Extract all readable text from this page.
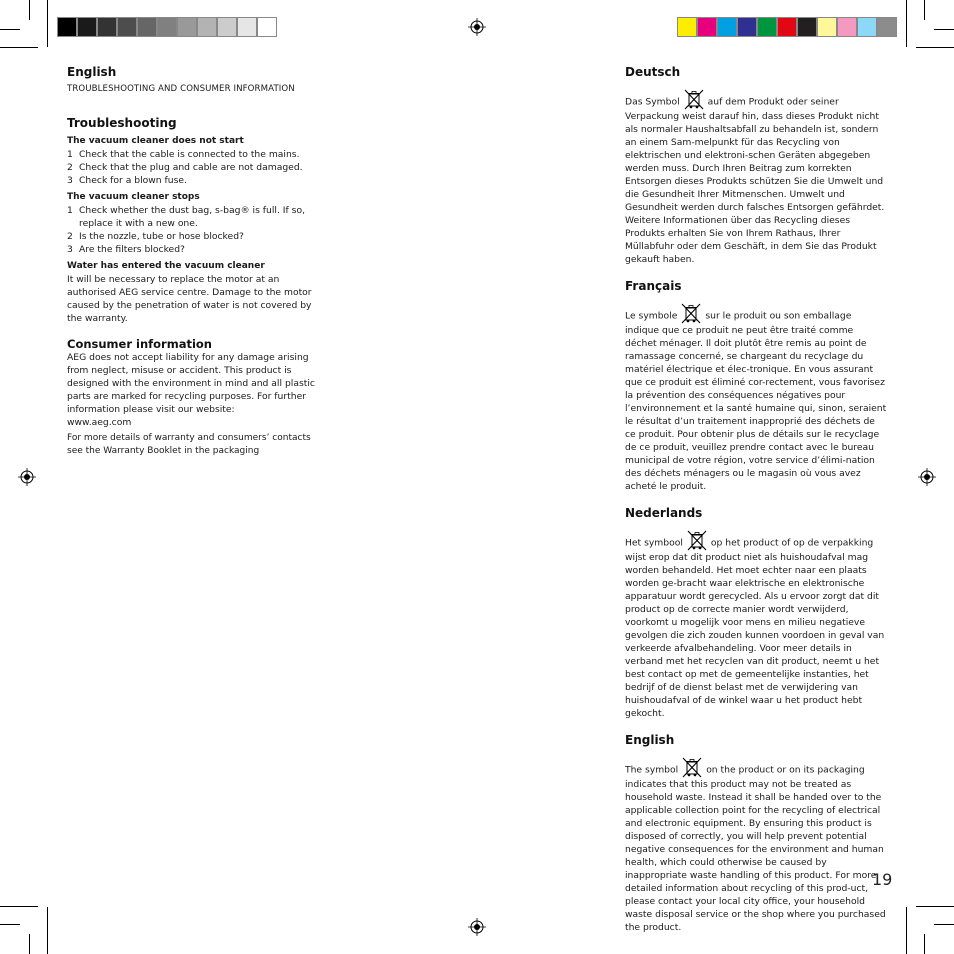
English

TROUBLESHOOTING AND CONSUMER INFORMATION

Troubleshooting

The vacuum cleaner does not start

1 Check that the cable is connected to the mains.
2 Check that the plug and cable are not damaged.
3 Check for a blown fuse.

The vacuum cleaner stops

1 Check whether the dust bag, s-bag® is full. If so, replace it with a new one.
2 Is the nozzle, tube or hose blocked?
3 Are the filters blocked?

Water has entered the vacuum cleaner

It will be necessary to replace the motor at an authorised AEG service centre. Damage to the motor caused by the penetration of water is not covered by the warranty.

Consumer information

AEG does not accept liability for any damage arising from neglect, misuse or accident. This product is designed with the environment in mind and all plastic parts are marked for recycling purposes. For further information please visit our website:

www.aeg.com

For more details of warranty and consumers’ contacts see the Warranty Booklet in the packaging

Deutsch

Das Symbol	auf dem Produkt oder seiner Verpackung weist darauf hin, dass dieses Produkt nicht als normaler Haushaltsabfall zu behandeln ist, sondern an einem Sam-melpunkt für das Recycling von elektrischen und elektroni-schen Geräten abgegeben werden muss. Durch Ihren Beitrag zum korrekten Entsorgen dieses Produkts schützen Sie die Umwelt und die Gesundheit Ihrer Mitmenschen. Umwelt und Gesundheit werden durch falsches Entsorgen gefährdet. Weitere Informationen über das Recycling dieses Produkts erhalten Sie von Ihrem Rathaus, Ihrer Müllabfuhr oder dem Geschäft, in dem Sie das Produkt gekauft haben.

Français

Le symbole	sur le produit ou son emballage indique que ce produit ne peut être traité comme déchet ménager. Il doit plutôt être remis au point de ramassage concerné, se chargeant du recyclage du matériel électrique et élec-tronique. En vous assurant que ce produit est éliminé cor-rectement, vous favorisez la prévention des conséquences négatives pour l’environnement et la santé humaine qui, sinon, seraient le résultat d’un traitement inapproprié des déchets de ce produit. Pour obtenir plus de détails sur le recyclage de ce produit, veuillez prendre contact avec le bureau municipal de votre région, votre service d’élimi-nation des déchets ménagers ou le magasin où vous avez acheté le produit.

Nederlands

Het symbool	op het product of op de verpakking wijst erop dat dit product niet als huishoudafval mag worden behandeld. Het moet echter naar een plaats worden ge-bracht waar elektrische en elektronische apparatuur wordt gerecycled. Als u ervoor zorgt dat dit product op de correcte manier wordt verwijderd, voorkomt u mogelijk voor mens en milieu negatieve gevolgen die zich zouden kunnen voordoen in geval van verkeerde afvalbehandeling. Voor meer details in verband met het recyclen van dit product, neemt u het best contact op met de gemeentelijke instanties, het bedrijf of de dienst belast met de verwijdering van huishoudafval of de winkel waar u het product hebt gekocht.

English

The symbol	on the product or on its packaging indicates that this product may not be treated as household waste. Instead it shall be handed over to the applicable collection point for the recycling of electrical and electronic equipment. By ensuring this product is disposed of correctly, you will help prevent potential negative consequences for the environment and human health, which could otherwise be caused by inappropriate waste handling of this product. For more detailed information about recycling of this prod-uct, please contact your local city office, your household waste disposal service or the shop where you purchased the product.

19
